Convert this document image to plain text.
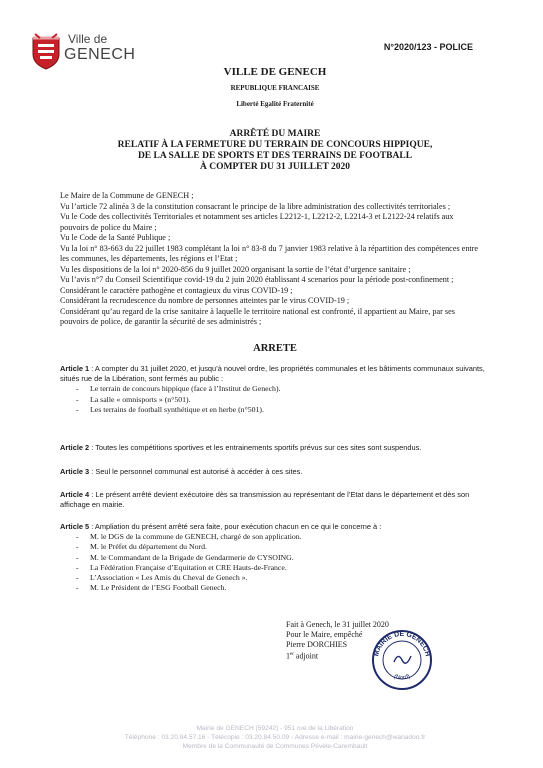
Ville de
GENECH	N°2020/123 - POLICE
VILLE DE GENECH
REPUBLIQUE FRANCAISE
Liberté Egalité Fraternité
ARRÊTÉ DU MAIRE
RELATIF À LA FERMETURE DU TERRAIN DE CONCOURS HIPPIQUE,
DE LA SALLE DE SPORTS ET DES TERRAINS DE FOOTBALL
À COMPTER DU 31 JUILLET 2020

Le Maire de la Commune de GENECH ;

Vu l’article 72 alinéa 3 de la constitution consacrant le principe de la libre administration des collectivités territoriales ;

Vu le Code des collectivités Territoriales et notamment ses articles L2212-1, L2212-2, L2214-3 et L2122-24 relatifs aux pouvoirs de police du Maire ;

Vu le Code de la Santé Publique ;

Vu la loi n° 83-663 du 22 juillet 1983 complétant la loi n° 83-8 du 7 janvier 1983 relative à la répartition des compétences entre les communes, les départements, les régions et l’Etat ;

Vu les dispositions de la loi n° 2020-856 du 9 juillet 2020 organisant la sortie de l’état d’urgence sanitaire ;

Vu l’avis n°7 du Conseil Scientifique covid-19 du 2 juin 2020 établissant 4 scenarios pour la période post-confinement ;

Considérant le caractère pathogène et contagieux du virus COVID-19 ;

Considérant la recrudescence du nombre de personnes atteintes par le virus COVID-19 ;

Considérant qu’au regard de la crise sanitaire à laquelle le territoire national est confronté, il appartient au Maire, par ses pouvoirs de police, de garantir la sécurité de ses administrés ;

ARRETE

Article 1 : A compter du 31 juillet 2020, et jusqu’à nouvel ordre, les propriétés communales et les bâtiments communaux suivants, situés rue de la Libération, sont fermés au public :

- Le terrain de concours hippique (face à l’Institut de Genech).
- La salle « omnisports » (n°501).
- Les terrains de football synthétique et en herbe (n°501).

Article 2 : Toutes les compétitions sportives et les entrainements sportifs prévus sur ces sites sont suspendus.

Article 3 : Seul le personnel communal est autorisé à accéder à ces sites.

Article 4 : Le présent arrêté devient exécutoire dès sa transmission au représentant de l’Etat dans le département et dès son affichage en mairie.

Article 5 : Ampliation du présent arrêté sera faite, pour exécution chacun en ce qui le concerne à :

- M. le DGS de la commune de GENECH, chargé de son application.
- M. le Préfet du département du Nord.
- M. le Commandant de la Brigade de Gendarmerie de CYSOING.
- La Fédération Française d’Equitation et CRE Hauts-de-France.
- L’Association « Les Amis du Cheval de Genech ».
- M. Le Président de l’ESG Football Genech.
Fait à Genech, le 31 juillet 2020
Pour le Maire, empêché
Pierre DORCHIES
1er adjoint	MAIRIE DE GENECH
(Nord)
Mairie de GENECH (59242) - 951 rue de la Libération
Téléphone : 03.20.84.57.16 - Télécopie : 03.20.84.50.09 - Adresse e-mail : mairie-genech@wanadoo.fr
Membre de la Communauté de Communes Pévèle-Carembault
